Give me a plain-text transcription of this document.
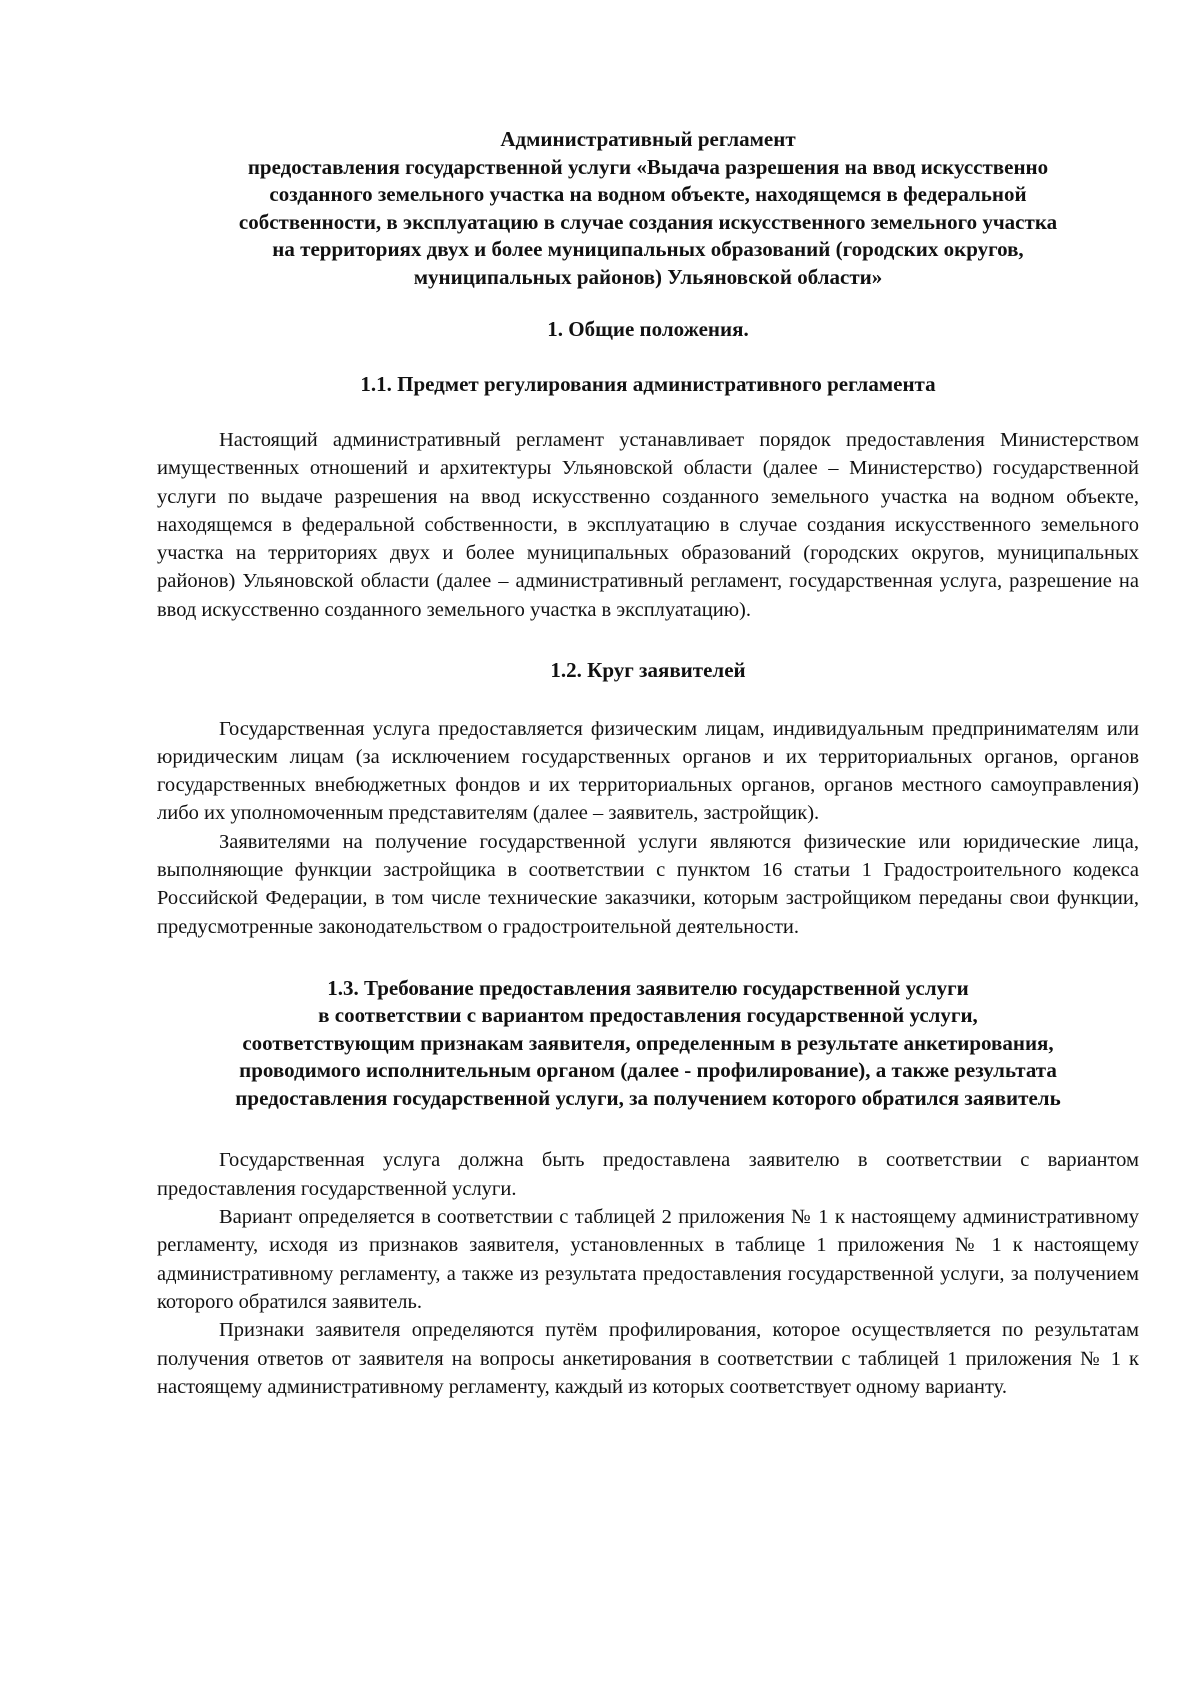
Административный регламент
предоставления государственной услуги «Выдача разрешения на ввод искусственно
созданного земельного участка на водном объекте, находящемся в федеральной
собственности, в эксплуатацию в случае создания искусственного земельного участка
на территориях двух и более муниципальных образований (городских округов,
муниципальных районов) Ульяновской области»
1. Общие положения.
1.1. Предмет регулирования административного регламента

Настоящий административный регламент устанавливает порядок предоставления Министерством имущественных отношений и архитектуры Ульяновской области (далее – Министерство) государственной услуги по выдаче разрешения на ввод искусственно созданного земельного участка на водном объекте, находящемся в федеральной собственности, в эксплуатацию в случае создания искусственного земельного участка на территориях двух и более муниципальных образований (городских округов, муниципальных районов) Ульяновской области (далее – административный регламент, государственная услуга, разрешение на ввод искусственно созданного земельного участка в эксплуатацию).

1.2. Круг заявителей

Государственная услуга предоставляется физическим лицам, индивидуальным предпринимателям или юридическим лицам (за исключением государственных органов и их территориальных органов, органов государственных внебюджетных фондов и их территориальных органов, органов местного самоуправления) либо их уполномоченным представителям (далее – заявитель, застройщик).

Заявителями на получение государственной услуги являются физические или юридические лица, выполняющие функции застройщика в соответствии с пунктом 16 статьи 1 Градостроительного кодекса Российской Федерации, в том числе технические заказчики, которым застройщиком переданы свои функции, предусмотренные законодательством о градостроительной деятельности.

1.3. Требование предоставления заявителю государственной услуги
в соответствии с вариантом предоставления государственной услуги,
соответствующим признакам заявителя, определенным в результате анкетирования,
проводимого исполнительным органом (далее - профилирование), а также результата
предоставления государственной услуги, за получением которого обратился заявитель

Государственная услуга должна быть предоставлена заявителю в соответствии с вариантом предоставления государственной услуги.

Вариант определяется в соответствии с таблицей 2 приложения № 1 к настоящему административному регламенту, исходя из признаков заявителя, установленных в таблице 1 приложения № 1 к настоящему административному регламенту, а также из результата предоставления государственной услуги, за получением которого обратился заявитель.

Признаки заявителя определяются путём профилирования, которое осуществляется по результатам получения ответов от заявителя на вопросы анкетирования в соответствии с таблицей 1 приложения № 1 к настоящему административному регламенту, каждый из которых соответствует одному варианту.
